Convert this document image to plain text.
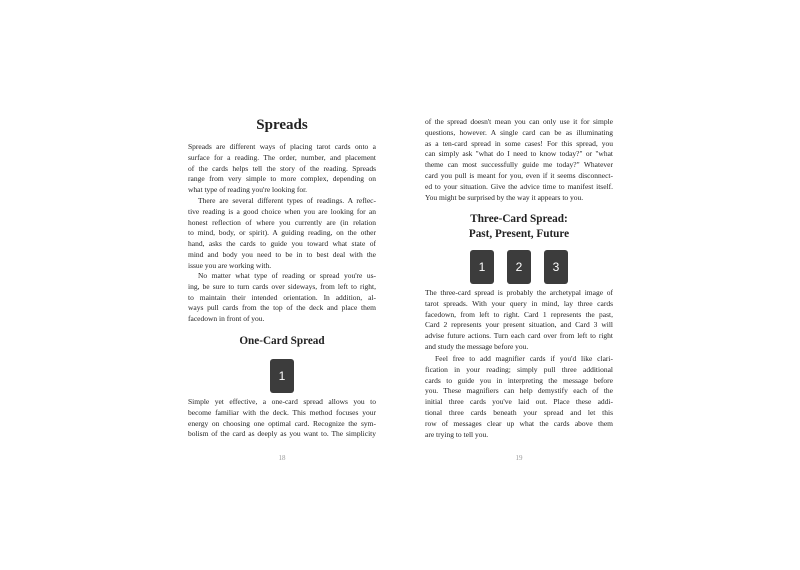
Spreads
Spreads are different ways of placing tarot cards onto a
surface for a reading. The order, number, and placement
of the cards helps tell the story of the reading. Spreads
range from very simple to more complex, depending on
what type of reading you're looking for.
There are several different types of readings. A reflec-
tive reading is a good choice when you are looking for an
honest reflection of where you currently are (in relation
to mind, body, or spirit). A guiding reading, on the other
hand, asks the cards to guide you toward what state of
mind and body you need to be in to best deal with the
issue you are working with.
No matter what type of reading or spread you're us-
ing, be sure to turn cards over sideways, from left to right,
to maintain their intended orientation. In addition, al-
ways pull cards from the top of the deck and place them
facedown in front of you.
One-Card Spread
1
Simple yet effective, a one-card spread allows you to
become familiar with the deck. This method focuses your
energy on choosing one optimal card. Recognize the sym-
bolism of the card as deeply as you want to. The simplicity
18
of the spread doesn't mean you can only use it for simple
questions, however. A single card can be as illuminating
as a ten-card spread in some cases! For this spread, you
can simply ask "what do I need to know today?" or "what
theme can most successfully guide me today?" Whatever
card you pull is meant for you, even if it seems disconnect-
ed to your situation. Give the advice time to manifest itself.
You might be surprised by the way it appears to you.
Three-Card Spread:
Past, Present, Future
1	2	3
The three-card spread is probably the archetypal image of
tarot spreads. With your query in mind, lay three cards
facedown, from left to right. Card 1 represents the past,
Card 2 represents your present situation, and Card 3 will
advise future actions. Turn each card over from left to right
and study the message before you.
Feel free to add magnifier cards if you'd like clari-
fication in your reading; simply pull three additional
cards to guide you in interpreting the message before
you. These magnifiers can help demystify each of the
initial three cards you've laid out. Place these addi-
tional three cards beneath your spread and let this
row of messages clear up what the cards above them
are trying to tell you.
19
